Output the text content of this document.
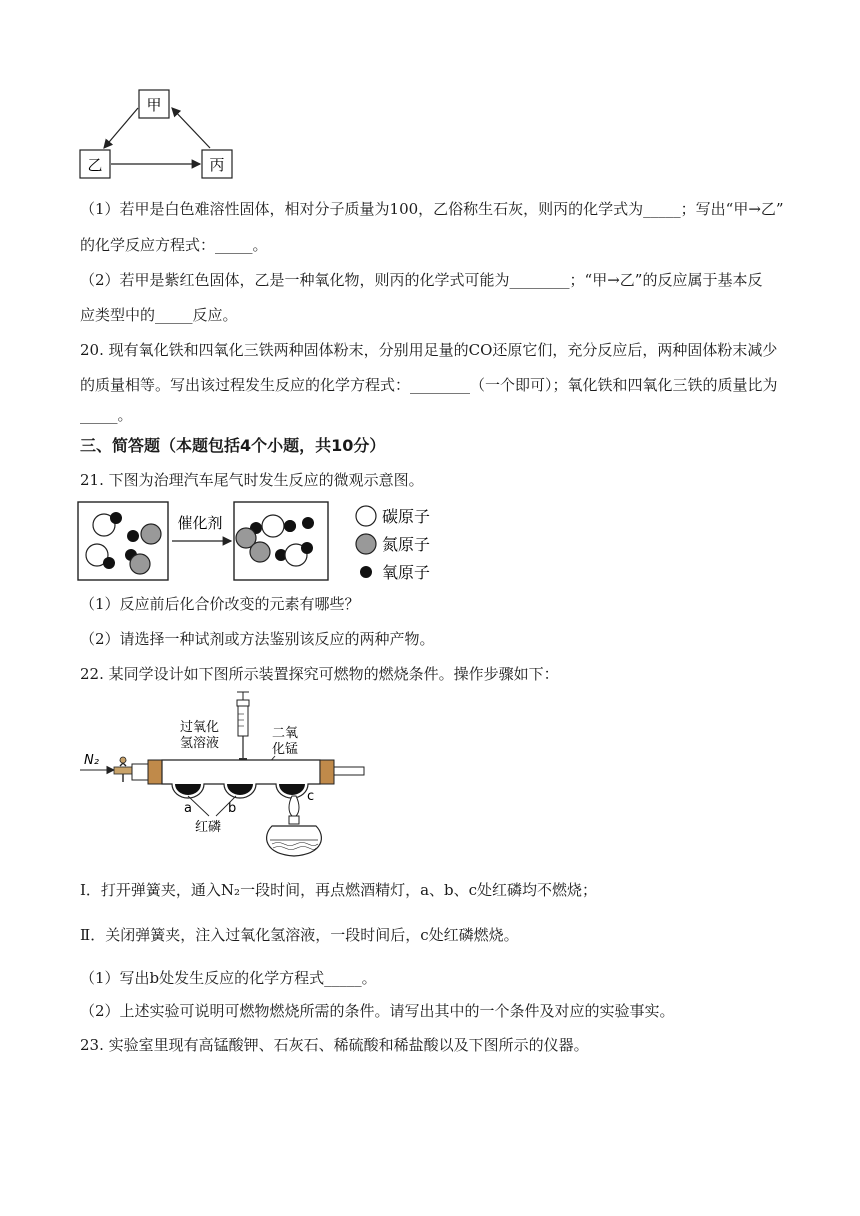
甲
乙	丙
（1）若甲是白色难溶性固体，相对分子质量为100，乙俗称生石灰，则丙的化学式为_____；写出“甲→乙”
的化学反应方程式：_____。
（2）若甲是紫红色固体，乙是一种氧化物，则丙的化学式可能为________；“甲→乙”的反应属于基本反
应类型中的_____反应。
20. 现有氧化铁和四氧化三铁两种固体粉末，分别用足量的CO还原它们，充分反应后，两种固体粉末减少
的质量相等。写出该过程发生反应的化学方程式：________（一个即可）；氧化铁和四氧化三铁的质量比为
_____。
三、简答题（本题包括4个小题，共10分）
21. 下图为治理汽车尾气时发生反应的微观示意图。
催化剂	碳原子
氮原子
氧原子
（1）反应前后化合价改变的元素有哪些？
（2）请选择一种试剂或方法鉴别该反应的两种产物。
22. 某同学设计如下图所示装置探究可燃物的燃烧条件。操作步骤如下：
过氧化
氢溶液
二氧
化锰
N₂
a	b
c
红磷
Ⅰ．打开弹簧夹，通入N₂一段时间，再点燃酒精灯，a、b、c处红磷均不燃烧；
Ⅱ．关闭弹簧夹，注入过氧化氢溶液，一段时间后，c处红磷燃烧。
（1）写出b处发生反应的化学方程式_____。
（2）上述实验可说明可燃物燃烧所需的条件。请写出其中的一个条件及对应的实验事实。
23. 实验室里现有高锰酸钾、石灰石、稀硫酸和稀盐酸以及下图所示的仪器。
